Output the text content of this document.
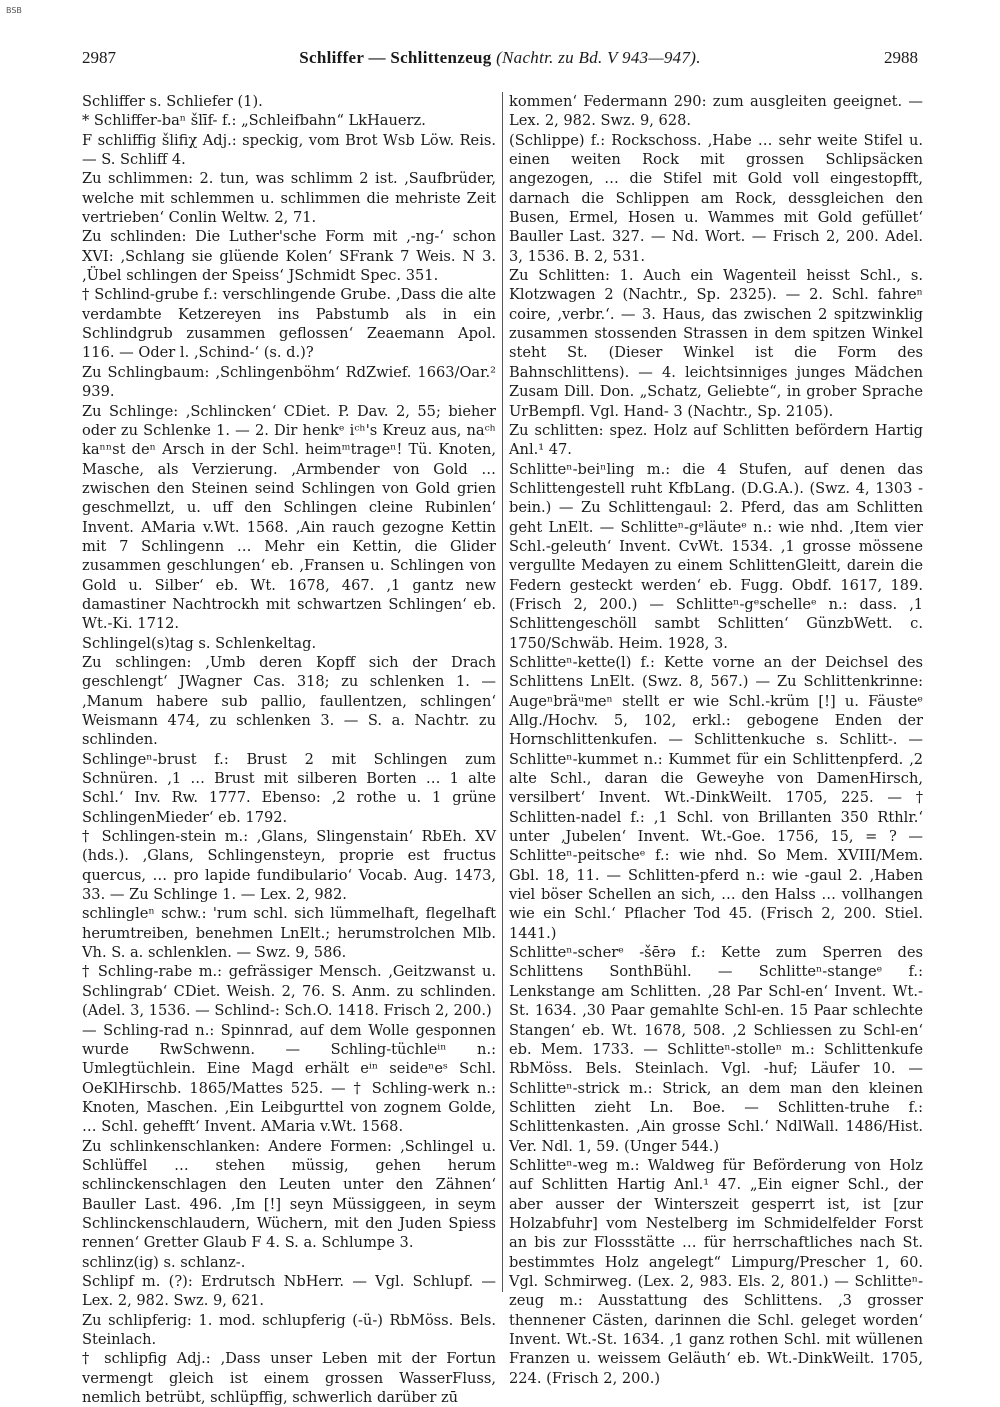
BSB
2987	Schliffer — Schlittenzeug (Nachtr. zu Bd. V 943—947).	2988

Schliffer s. Schliefer (1).

* Schliffer-baⁿ šlīf- f.: „Schleifbahn“ LkHauerz.

F schliffig šlifiχ Adj.: speckig, vom Brot Wsb Löw. Reis. — S. Schliff 4.

Zu schlimmen: 2. tun, was schlimm 2 ist. ‚Saufbrüder, welche mit schlemmen u. schlimmen die mehriste Zeit vertrieben‘ Conlin Weltw. 2, 71.

Zu schlinden: Die Luther'sche Form mit ‚-ng-‘ schon XVI: ‚Schlang sie glüende Kolen‘ SFrank 7 Weis. N 3. ‚Übel schlingen der Speiss‘ JSchmidt Spec. 351.

† Schlind-grube f.: verschlingende Grube. ‚Dass die alte verdambte Ketzereyen ins Pabstumb als in ein Schlindgrub zusammen geflossen‘ Zeaemann Apol. 116. — Oder l. ‚Schind-‘ (s. d.)?

Zu Schlingbaum: ‚Schlingenböhm‘ RdZwief. 1663/Oar.² 939.

Zu Schlinge: ‚Schlincken‘ CDiet. P. Dav. 2, 55; bieher oder zu Schlenke 1. — 2. Dir henkᵉ iᶜʰ's Kreuz aus, naᶜʰ kaⁿⁿst deⁿ Arsch in der Schl. heimᵐtrageⁿ! Tü. Knoten, Masche, als Verzierung. ‚Armbender von Gold … zwischen den Steinen seind Schlingen von Gold grien geschmellzt, u. uff den Schlingen cleine Rubinlen‘ Invent. AMaria v.Wt. 1568. ‚Ain rauch gezogne Kettin mit 7 Schlingenn … Mehr ein Kettin, die Glider zusammen geschlungen‘ eb. ‚Fransen u. Schlingen von Gold u. Silber‘ eb. Wt. 1678, 467. ‚1 gantz new damastiner Nachtrockh mit schwartzen Schlingen‘ eb. Wt.-Ki. 1712.

Schlingel(s)tag s. Schlenkeltag.

Zu schlingen: ‚Umb deren Kopff sich der Drach geschlengt‘ JWagner Cas. 318; zu schlenken 1. — ‚Manum habere sub pallio, faullentzen, schlingen‘ Weismann 474, zu schlenken 3. — S. a. Nachtr. zu schlinden.

Schlingeⁿ-brust f.: Brust 2 mit Schlingen zum Schnüren. ‚1 … Brust mit silberen Borten … 1 alte Schl.‘ Inv. Rw. 1777. Ebenso: ‚2 rothe u. 1 grüne SchlingenMieder‘ eb. 1792.

† Schlingen-stein m.: ‚Glans, Slingenstain‘ RbEh. XV (hds.). ‚Glans, Schlingensteyn, proprie est fructus quercus, … pro lapide fundibulario‘ Vocab. Aug. 1473, 33. — Zu Schlinge 1. — Lex. 2, 982.

schlingleⁿ schw.: 'rum schl. sich lümmelhaft, flegelhaft herumtreiben, benehmen LnElt.; herumstrolchen Mlb. Vh. S. a. schlenklen. — Swz. 9, 586.

† Schling-rabe m.: gefrässiger Mensch. ‚Geitzwanst u. Schlingrab‘ CDiet. Weish. 2, 76. S. Anm. zu schlinden. (Adel. 3, 1536. — Schlind-: Sch.O. 1418. Frisch 2, 200.)

— Schling-rad n.: Spinnrad, auf dem Wolle gesponnen wurde RwSchwenn. — Schling-tüchleⁱⁿ n.: Umlegtüchlein. Eine Magd erhält eⁱⁿ seideⁿeˢ Schl. OeKlHirschb. 1865/Mattes 525. — † Schling-werk n.: Knoten, Maschen. ‚Ein Leibgurttel von zognem Golde, … Schl. gehefft‘ Invent. AMaria v.Wt. 1568.

Zu schlinkenschlanken: Andere Formen: ‚Schlingel u. Schlüffel … stehen müssig, gehen herum schlinckenschlagen den Leuten unter den Zähnen‘ Bauller Last. 496. ‚Im [!] seyn Müssiggeen, in seym Schlinckenschlaudern, Wüchern, mit den Juden Spiess rennen‘ Gretter Glaub F 4. S. a. Schlumpe 3.

schlinz(ig) s. schlanz-.

Schlipf m. (?): Erdrutsch NbHerr. — Vgl. Schlupf. — Lex. 2, 982. Swz. 9, 621.

Zu schlipferig: 1. mod. schlupferig (-ü-) RbMöss. Bels. Steinlach.

† schlipfig Adj.: ‚Dass unser Leben mit der Fortun vermengt gleich ist einem grossen WasserFluss, nemlich betrübt, schlüpffig, schwerlich darüber zū

kommen‘ Federmann 290: zum ausgleiten geeignet. — Lex. 2, 982. Swz. 9, 628.

(Schlippe) f.: Rockschoss. ‚Habe … sehr weite Stifel u. einen weiten Rock mit grossen Schlipsäcken angezogen, … die Stifel mit Gold voll eingestopfft, darnach die Schlippen am Rock, dessgleichen den Busen, Ermel, Hosen u. Wammes mit Gold gefüllet‘ Bauller Last. 327. — Nd. Wort. — Frisch 2, 200. Adel. 3, 1536. B. 2, 531.

Zu Schlitten: 1. Auch ein Wagenteil heisst Schl., s. Klotzwagen 2 (Nachtr., Sp. 2325). — 2. Schl. fahreⁿ coire, ‚verbr.‘. — 3. Haus, das zwischen 2 spitzwinklig zusammen stossenden Strassen in dem spitzen Winkel steht St. (Dieser Winkel ist die Form des Bahnschlittens). — 4. leichtsinniges junges Mädchen Zusam Dill. Don. „Schatz, Geliebte“, in grober Sprache UrBempfl. Vgl. Hand- 3 (Nachtr., Sp. 2105).

Zu schlitten: spez. Holz auf Schlitten befördern Hartig Anl.¹ 47.

Schlitteⁿ-beiⁿling m.: die 4 Stufen, auf denen das Schlittengestell ruht KfbLang. (D.G.A.). (Swz. 4, 1303 -bein.) — Zu Schlittengaul: 2. Pferd, das am Schlitten geht LnElt. — Schlitteⁿ-gᵉläuteᵉ n.: wie nhd. ‚Item vier Schl.-geleuth‘ Invent. CvWt. 1534. ‚1 grosse mössene vergullte Medayen zu einem SchlittenGleitt, darein die Federn gesteckt werden‘ eb. Fugg. Obdf. 1617, 189. (Frisch 2, 200.) — Schlitteⁿ-gᵉschelleᵉ n.: dass. ‚1 Schlittengeschöll sambt Schlitten‘ GünzbWett. c. 1750/Schwäb. Heim. 1928, 3.

Schlitteⁿ-kette(l) f.: Kette vorne an der Deichsel des Schlittens LnElt. (Swz. 8, 567.) — Zu Schlittenkrinne: Augeⁿbräᵘmeⁿ stellt er wie Schl.-krüm [!] u. Fäusteᵉ Allg./Hochv. 5, 102, erkl.: gebogene Enden der Hornschlittenkufen. — Schlittenkuche s. Schlitt-. — Schlitteⁿ-kummet n.: Kummet für ein Schlittenpferd. ‚2 alte Schl., daran die Geweyhe von DamenHirsch, versilbert‘ Invent. Wt.-DinkWeilt. 1705, 225. — † Schlitten-nadel f.: ‚1 Schl. von Brillanten 350 Rthlr.‘ unter ‚Jubelen‘ Invent. Wt.-Goe. 1756, 15, = ? — Schlitteⁿ-peitscheᵉ f.: wie nhd. So Mem. XVIII/Mem. Gbl. 18, 11. — Schlitten-pferd n.: wie -gaul 2. ‚Haben viel böser Schellen an sich, … den Halss … vollhangen wie ein Schl.‘ Pflacher Tod 45. (Frisch 2, 200. Stiel. 1441.)

Schlitteⁿ-scherᵉ -šērə f.: Kette zum Sperren des Schlittens SonthBühl. — Schlitteⁿ-stangeᵉ f.: Lenkstange am Schlitten. ‚28 Par Schl-en‘ Invent. Wt.-St. 1634. ‚30 Paar gemahlte Schl-en. 15 Paar schlechte Stangen‘ eb. Wt. 1678, 508. ‚2 Schliessen zu Schl-en‘ eb. Mem. 1733. — Schlitteⁿ-stolleⁿ m.: Schlittenkufe RbMöss. Bels. Steinlach. Vgl. -huf; Läufer 10. — Schlitteⁿ-strick m.: Strick, an dem man den kleinen Schlitten zieht Ln. Boe. — Schlitten-truhe f.: Schlittenkasten. ‚Ain grosse Schl.‘ NdlWall. 1486/Hist. Ver. Ndl. 1, 59. (Unger 544.)

Schlitteⁿ-weg m.: Waldweg für Beförderung von Holz auf Schlitten Hartig Anl.¹ 47. „Ein eigner Schl., der aber ausser der Winterszeit gesperrt ist, ist [zur Holzabfuhr] vom Nestelberg im Schmidelfelder Forst an bis zur Flossstätte … für herrschaftliches nach St. bestimmtes Holz angelegt“ Limpurg/Prescher 1, 60. Vgl. Schmirweg. (Lex. 2, 983. Els. 2, 801.) — Schlitteⁿ-zeug m.: Ausstattung des Schlittens. ‚3 grosser thennener Cästen, darinnen die Schl. geleget worden‘ Invent. Wt.-St. 1634. ‚1 ganz rothen Schl. mit wüllenen Franzen u. weissem Geläuth‘ eb. Wt.-DinkWeilt. 1705, 224. (Frisch 2, 200.)
